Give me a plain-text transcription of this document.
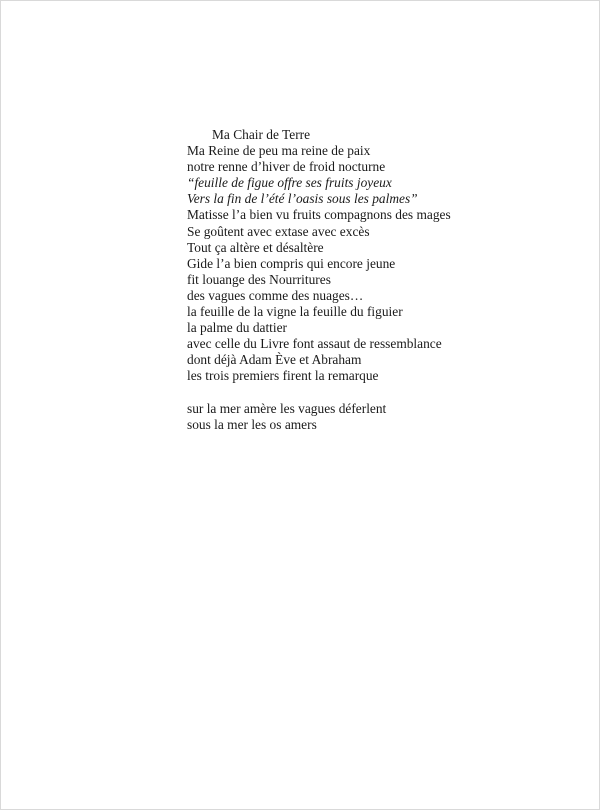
Ma Chair de Terre
Ma Reine de peu ma reine de paix
notre renne d’hiver de froid nocturne
“feuille de figue offre ses fruits joyeux
Vers la fin de l’été l’oasis sous les palmes”
Matisse l’a bien vu fruits compagnons des mages
Se goûtent avec extase avec excès
Tout ça altère et désaltère
Gide l’a bien compris qui encore jeune
fit louange des Nourritures
des vagues comme des nuages…
la feuille de la vigne la feuille du figuier
la palme du dattier
avec celle du Livre font assaut de ressemblance
dont déjà Adam Ève et Abraham
les trois premiers firent la remarque
sur la mer amère les vagues déferlent
sous la mer les os amers
